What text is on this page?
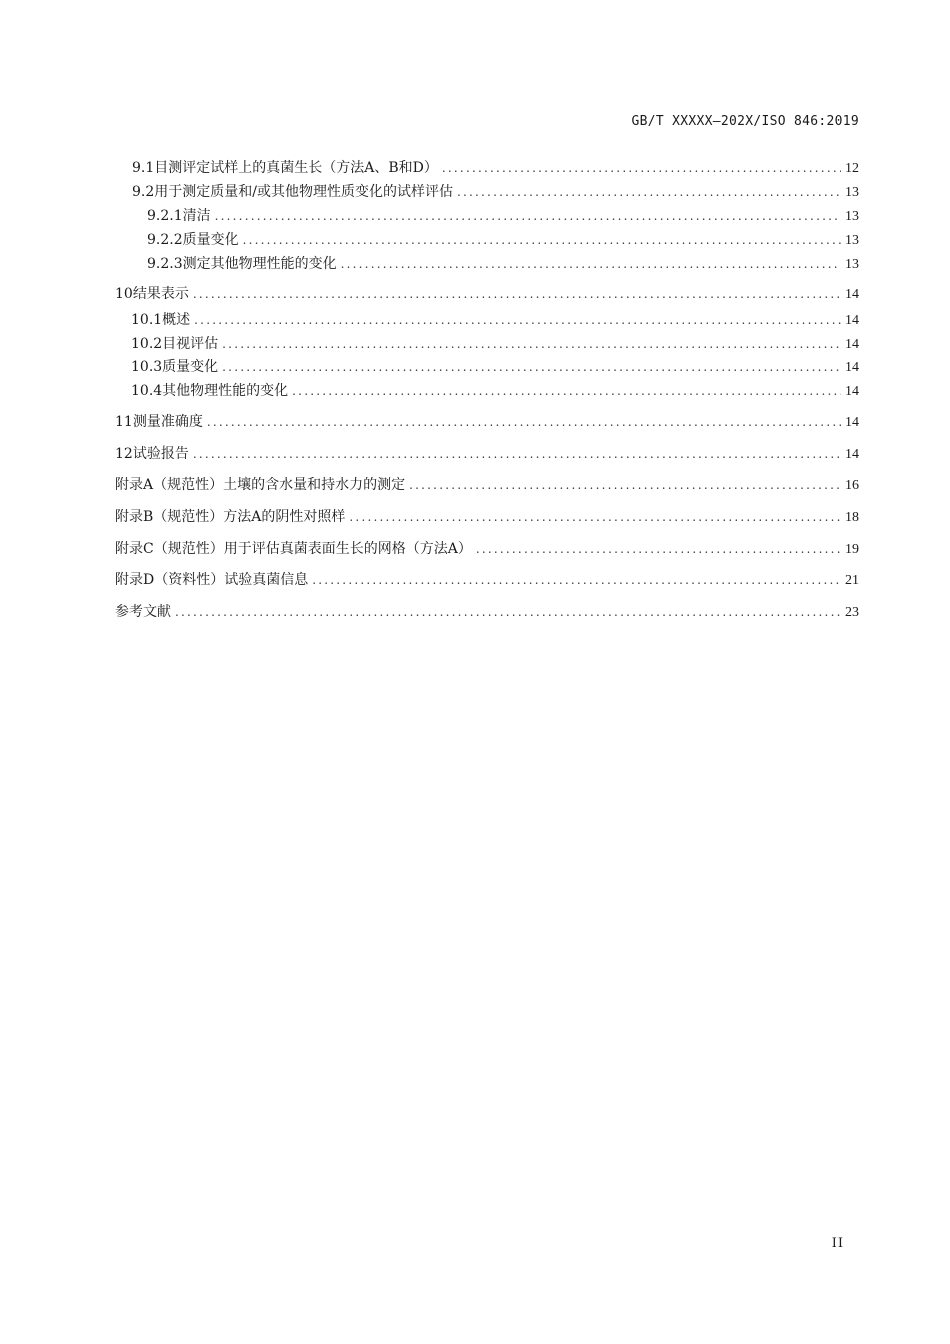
GB/T XXXXX—202X/ISO 846:2019
9.1 目测评定试样上的真菌生长（方法A、B和D） .....	12
9.2 用于测定质量和/或其他物理性质变化的试样评估 .....	13
9.2.1 清洁 .....	13
9.2.2 质量变化 .....	13
9.2.3 测定其他物理性能的变化 .....	13
10 结果表示 .....	14
10.1 概述 .....	14
10.2 目视评估 .....	14
10.3 质量变化 .....	14
10.4 其他物理性能的变化 .....	14
11 测量准确度 .....	14
12 试验报告 .....	14
附录A（规范性） 土壤的含水量和持水力的测定 .....	16
附录B（规范性） 方法A的阴性对照样 .....	18
附录C（规范性） 用于评估真菌表面生长的网格（方法A） .....	19
附录D（资料性） 试验真菌信息 .....	21
参考文献 .....	23
II
